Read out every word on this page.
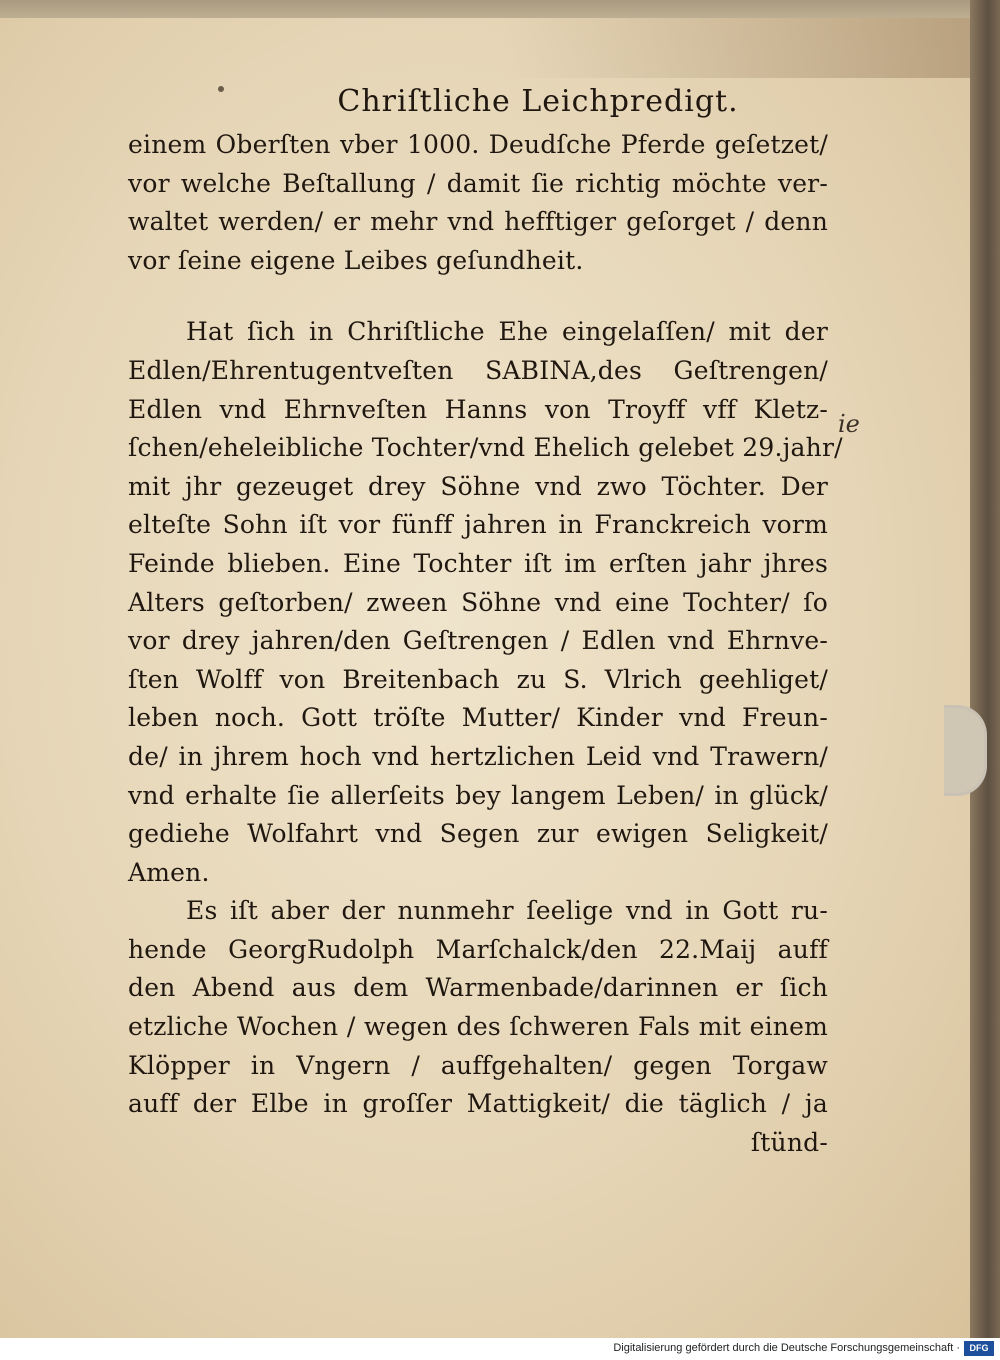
Chriſtliche Leichpredigt.
einem Oberſten vber 1000. Deudſche Pferde geſetzet/
vor welche Beſtallung / damit ſie richtig möchte ver-
waltet werden/ er mehr vnd hefftiger geſorget / denn
vor ſeine eigene Leibes geſundheit.
Hat ſich in Chriſtliche Ehe eingelaſſen/ mit der
Edlen/Ehrentugentveſten SABINA,des Geſtrengen/
Edlen vnd Ehrnveſten Hanns von Troyff vff Kletz-
ſchen/eheleibliche Tochter/vnd Ehelich gelebet 29.jahr/
mit jhr gezeuget drey Söhne vnd zwo Töchter. Der
elteſte Sohn iſt vor fünff jahren in Franckreich vorm
Feinde blieben. Eine Tochter iſt im erſten jahr jhres
Alters geſtorben/ zween Söhne vnd eine Tochter/ ſo
vor drey jahren/den Geſtrengen / Edlen vnd Ehrnve-
ſten Wolff von Breitenbach zu S. Vlrich geehliget/
leben noch. Gott tröſte Mutter/ Kinder vnd Freun-
de/ in jhrem hoch vnd hertzlichen Leid vnd Trawern/
vnd erhalte ſie allerſeits bey langem Leben/ in glück/
gediehe Wolfahrt vnd Segen zur ewigen Seligkeit/
Amen.
Es iſt aber der nunmehr ſeelige vnd in Gott ru-
hende GeorgRudolph Marſchalck/den 22.Maij auff
den Abend aus dem Warmenbade/darinnen er ſich
etzliche Wochen / wegen des ſchweren Fals mit einem
Klöpper in Vngern / auffgehalten/ gegen Torgaw
auff der Elbe in groſſer Mattigkeit/ die täglich / ja
ſtünd-
ie
Digitalisierung gefördert durch die Deutsche Forschungsgemeinschaft ·	DFG
